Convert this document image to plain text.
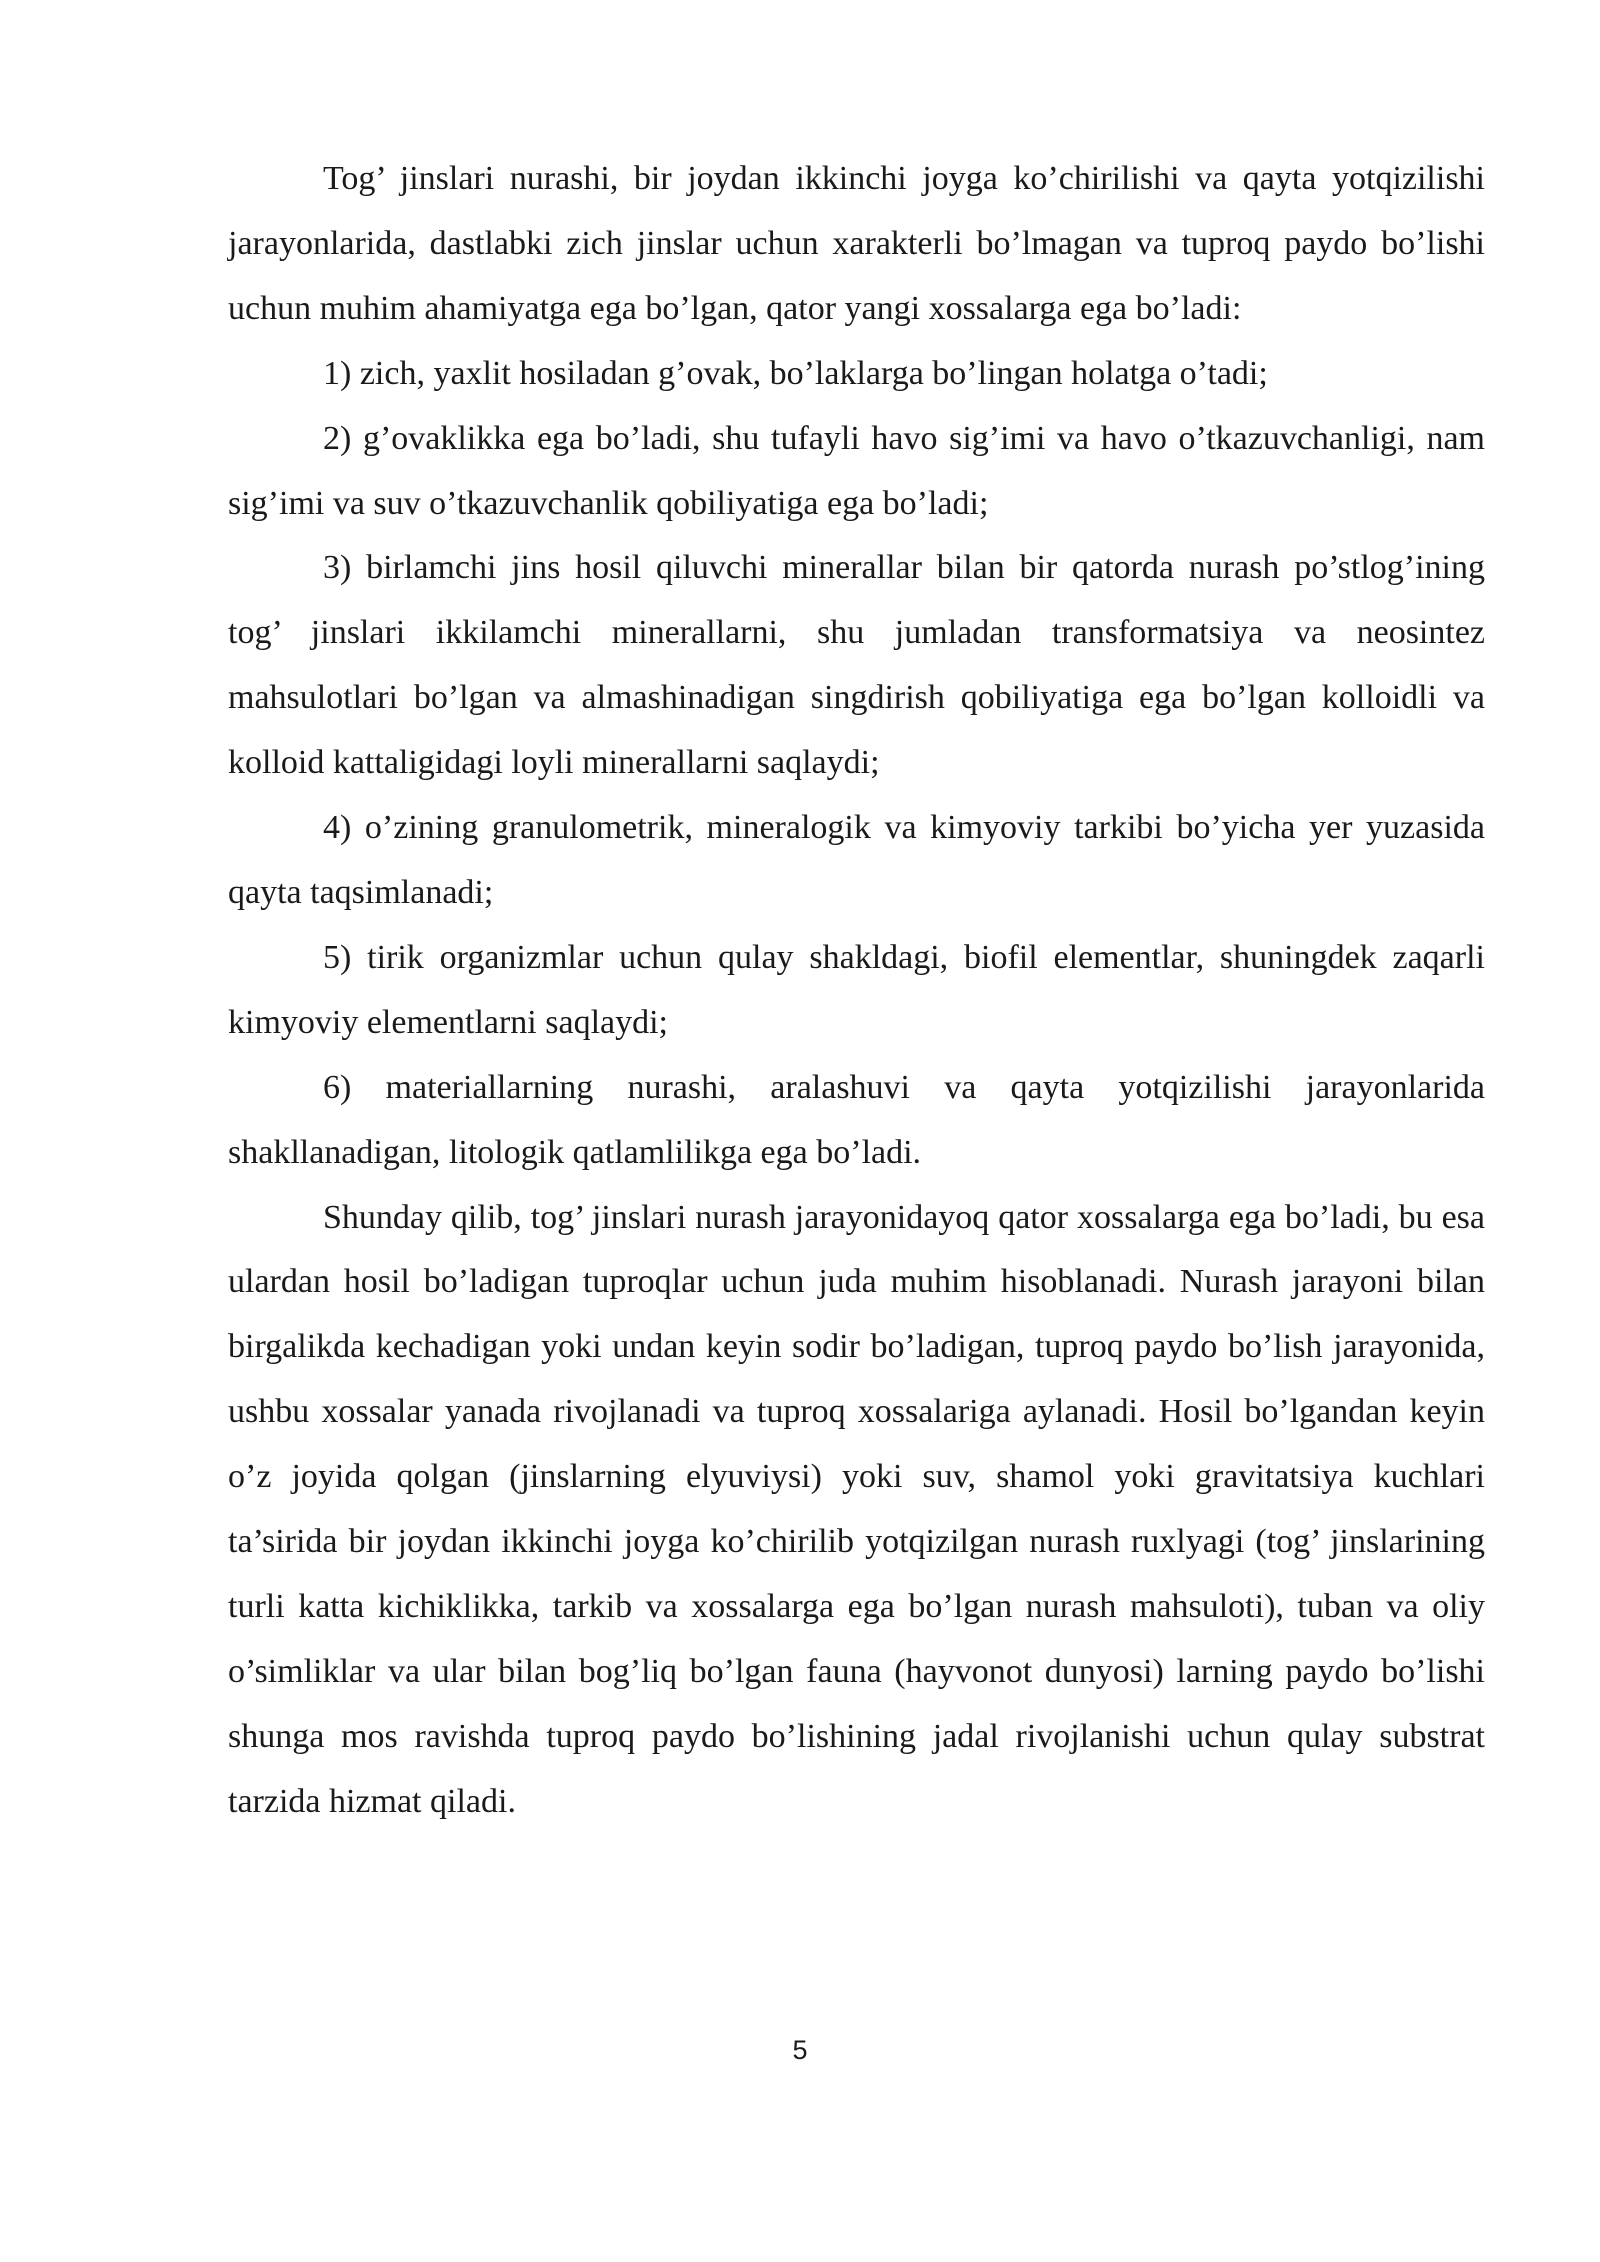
Tog’ jinslari nurashi, bir joydan ikkinchi joyga ko’chirilishi va qayta yotqizilishi jarayonlarida, dastlabki zich jinslar uchun xarakterli bo’lmagan va tuproq paydo bo’lishi uchun muhim ahamiyatga ega bo’lgan, qator yangi xossalarga ega bo’ladi:

1) zich, yaxlit hosiladan g’ovak, bo’laklarga bo’lingan holatga o’tadi;

2) g’ovaklikka ega bo’ladi, shu tufayli havo sig’imi va havo o’tkazuvchanligi, nam sig’imi va suv o’tkazuvchanlik qobiliyatiga ega bo’ladi;

3) birlamchi jins hosil qiluvchi minerallar bilan bir qatorda nurash po’stlog’ining tog’ jinslari ikkilamchi minerallarni, shu jumladan transformatsiya va neosintez mahsulotlari bo’lgan va almashinadigan singdirish qobiliyatiga ega bo’lgan kolloidli va kolloid kattaligidagi loyli minerallarni saqlaydi;

4) o’zining granulometrik, mineralogik va kimyoviy tarkibi bo’yicha yer yuzasida qayta taqsimlanadi;

5) tirik organizmlar uchun qulay shakldagi, biofil elementlar, shuningdek zaqarli kimyoviy elementlarni saqlaydi;

6) materiallarning nurashi, aralashuvi va qayta yotqizilishi jarayonlarida shakllanadigan, litologik qatlamlilikga ega bo’ladi.

Shunday qilib, tog’ jinslari nurash jarayonidayoq qator xossalarga ega bo’ladi, bu esa ulardan hosil bo’ladigan tuproqlar uchun juda muhim hisoblanadi. Nurash jarayoni bilan birgalikda kechadigan yoki undan keyin sodir bo’ladigan, tuproq paydo bo’lish jarayonida, ushbu xossalar yanada rivojlanadi va tuproq xossalariga aylanadi. Hosil bo’lgandan keyin o’z joyida qolgan (jinslarning elyuviysi) yoki suv, shamol yoki gravitatsiya kuchlari ta’sirida bir joydan ikkinchi joyga ko’chirilib yotqizilgan nurash ruxlyagi (tog’ jinslarining turli katta kichiklikka, tarkib va xossalarga ega bo’lgan nurash mahsuloti), tuban va oliy o’simliklar va ular bilan bog’liq bo’lgan fauna (hayvonot dunyosi) larning paydo bo’lishi shunga mos ravishda tuproq paydo bo’lishining jadal rivojlanishi uchun qulay substrat tarzida hizmat qiladi.

5
